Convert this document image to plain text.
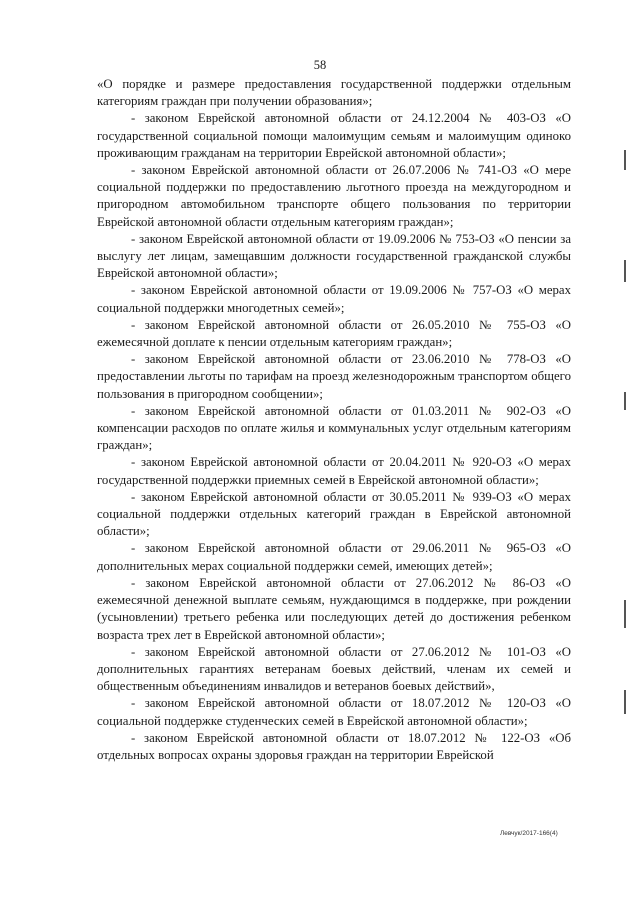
58

«О порядке и размере предоставления государственной поддержки отдельным категориям граждан при получении образования»;

- законом Еврейской автономной области от 24.12.2004 № 403-ОЗ «О государственной социальной помощи малоимущим семьям и малоимущим одиноко проживающим гражданам на территории Еврейской автономной области»;

- законом Еврейской автономной области от 26.07.2006 № 741-ОЗ «О мере социальной поддержки по предоставлению льготного проезда на междугородном и пригородном автомобильном транспорте общего пользования по территории Еврейской автономной области отдельным категориям граждан»;

- законом Еврейской автономной области от 19.09.2006 № 753-ОЗ «О пенсии за выслугу лет лицам, замещавшим должности государственной гражданской службы Еврейской автономной области»;

- законом Еврейской автономной области от 19.09.2006 № 757-ОЗ «О мерах социальной поддержки многодетных семей»;

- законом Еврейской автономной области от 26.05.2010 № 755-ОЗ «О ежемесячной доплате к пенсии отдельным категориям граждан»;

- законом Еврейской автономной области от 23.06.2010 № 778-ОЗ «О предоставлении льготы по тарифам на проезд железнодорожным транспортом общего пользования в пригородном сообщении»;

- законом Еврейской автономной области от 01.03.2011 № 902-ОЗ «О компенсации расходов по оплате жилья и коммунальных услуг отдельным категориям граждан»;

- законом Еврейской автономной области от 20.04.2011 № 920-ОЗ «О мерах государственной поддержки приемных семей в Еврейской автономной области»;

- законом Еврейской автономной области от 30.05.2011 № 939-ОЗ «О мерах социальной поддержки отдельных категорий граждан в Еврейской автономной области»;

- законом Еврейской автономной области от 29.06.2011 № 965-ОЗ «О дополнительных мерах социальной поддержки семей, имеющих детей»;

- законом Еврейской автономной области от 27.06.2012 № 86-ОЗ «О ежемесячной денежной выплате семьям, нуждающимся в поддержке, при рождении (усыновлении) третьего ребенка или последующих детей до достижения ребенком возраста трех лет в Еврейской автономной области»;

- законом Еврейской автономной области от 27.06.2012 № 101-ОЗ «О дополнительных гарантиях ветеранам боевых действий, членам их семей и общественным объединениям инвалидов и ветеранов боевых действий»,

- законом Еврейской автономной области от 18.07.2012 № 120-ОЗ «О социальной поддержке студенческих семей в Еврейской автономной области»;

- законом Еврейской автономной области от 18.07.2012 № 122-ОЗ «Об отдельных вопросах охраны здоровья граждан на территории Еврейской

Левчук/2017-166(4)
